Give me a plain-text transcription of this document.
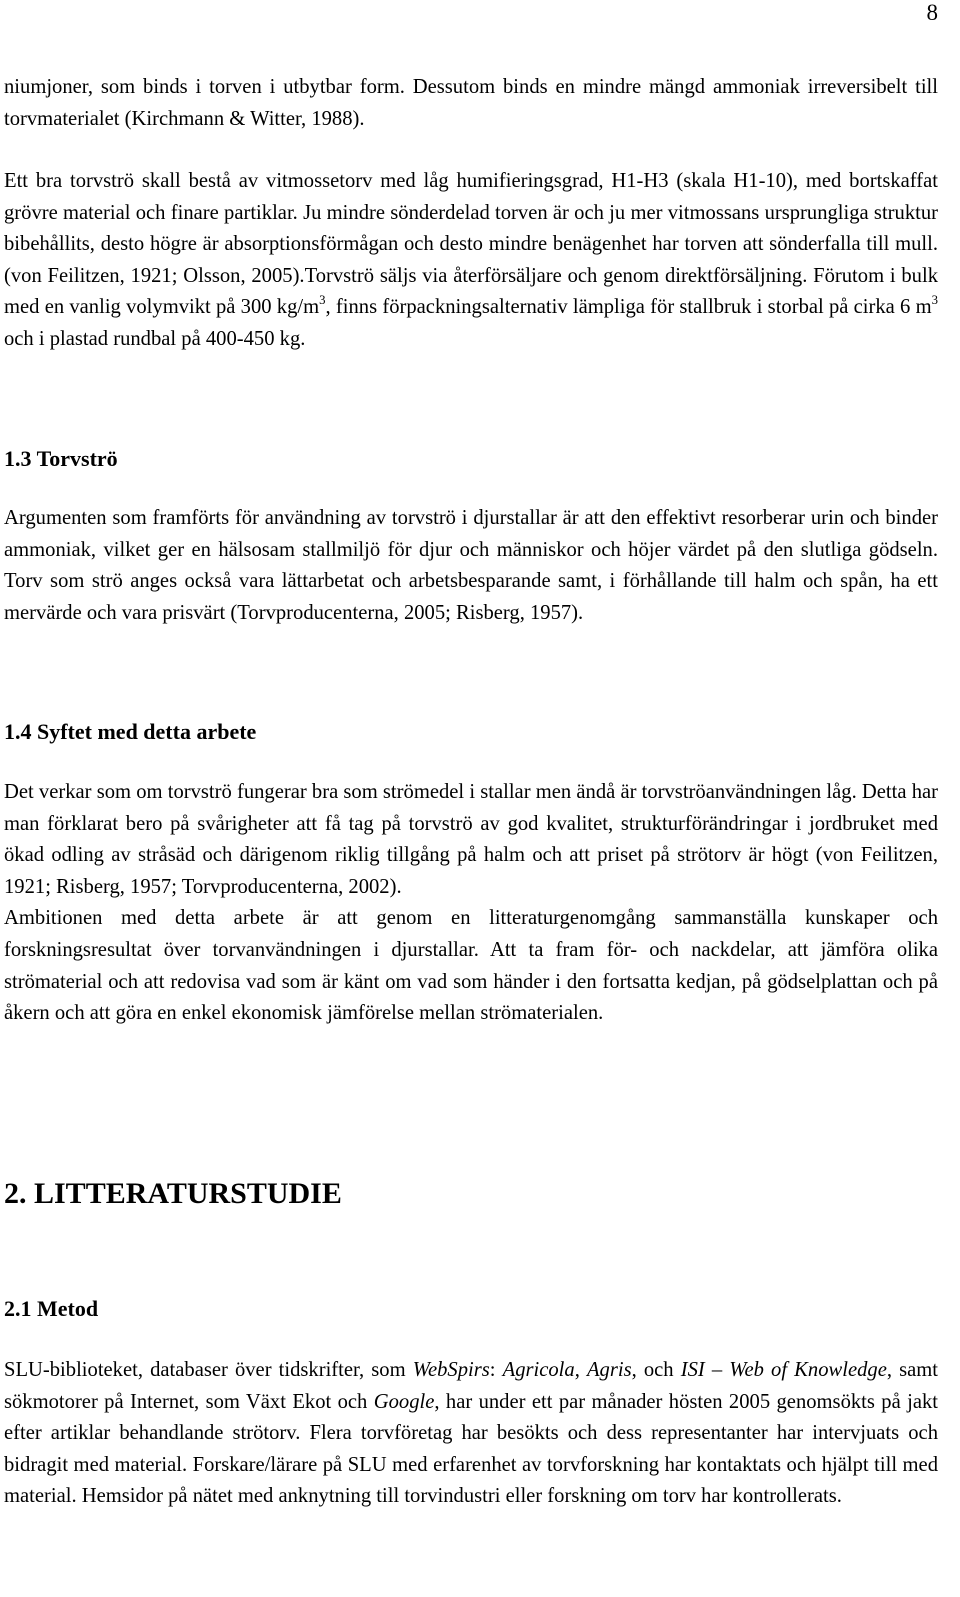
8

niumjoner, som binds i torven i utbytbar form. Dessutom binds en mindre mängd ammoniak irreversibelt till torvmaterialet (Kirchmann & Witter, 1988).

Ett bra torvströ skall bestå av vitmossetorv med låg humifieringsgrad, H1-H3 (skala H1-10), med bortskaffat grövre material och finare partiklar. Ju mindre sönderdelad torven är och ju mer vitmossans ursprungliga struktur bibehållits, desto högre är absorptionsförmågan och desto mindre benägenhet har torven att sönderfalla till mull. (von Feilitzen, 1921; Olsson, 2005).Torvströ säljs via återförsäljare och genom direktförsäljning. Förutom i bulk med en vanlig volymvikt på 300 $kg/m^3$, finns förpackningsalternativ lämpliga för stallbruk i storbal på cirka 6 $m^3$ och i plastad rundbal på 400-450 kg.

1.3 Torvströ

Argumenten som framförts för användning av torvströ i djurstallar är att den effektivt resorberar urin och binder ammoniak, vilket ger en hälsosam stallmiljö för djur och människor och höjer värdet på den slutliga gödseln. Torv som strö anges också vara lättarbetat och arbetsbesparande samt, i förhållande till halm och spån, ha ett mervärde och vara prisvärt (Torvproducenterna, 2005; Risberg, 1957).

1.4 Syftet med detta arbete

Det verkar som om torvströ fungerar bra som strömedel i stallar men ändå är torvströanvändningen låg. Detta har man förklarat bero på svårigheter att få tag på torvströ av god kvalitet, strukturförändringar i jordbruket med ökad odling av stråsäd och därigenom riklig tillgång på halm och att priset på strötorv är högt (von Feilitzen, 1921; Risberg, 1957; Torvproducenterna, 2002).

Ambitionen med detta arbete är att genom en litteraturgenomgång sammanställa kunskaper och forskningsresultat över torvanvändningen i djurstallar. Att ta fram för- och nackdelar, att jämföra olika strömaterial och att redovisa vad som är känt om vad som händer i den fortsatta kedjan, på gödselplattan och på åkern och att göra en enkel ekonomisk jämförelse mellan strömaterialen.

2. LITTERATURSTUDIE
2.1 Metod

SLU-biblioteket, databaser över tidskrifter, som WebSpirs: Agricola, Agris, och ISI – Web of Knowledge, samt sökmotorer på Internet, som Växt Ekot och Google, har under ett par månader hösten 2005 genomsökts på jakt efter artiklar behandlande strötorv. Flera torvföretag har besökts och dess representanter har intervjuats och bidragit med material. Forskare/lärare på SLU med erfarenhet av torvforskning har kontaktats och hjälpt till med material. Hemsidor på nätet med anknytning till torvindustri eller forskning om torv har kontrollerats.
